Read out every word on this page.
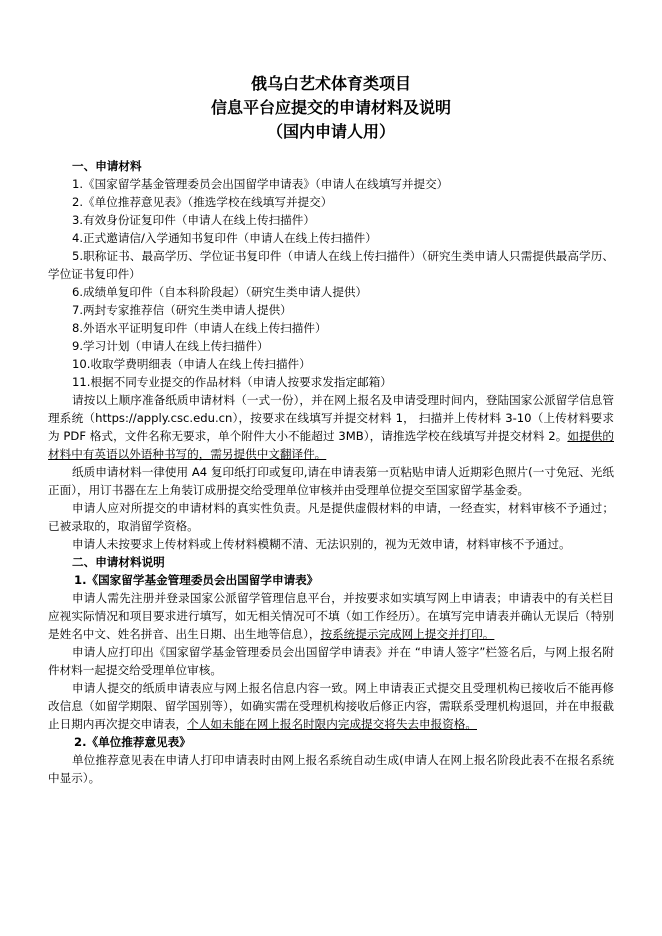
俄乌白艺术体育类项目
信息平台应提交的申请材料及说明
（国内申请人用）
一、申请材料
1.《国家留学基金管理委员会出国留学申请表》（申请人在线填写并提交）
2.《单位推荐意见表》（推选学校在线填写并提交）
3.有效身份证复印件（申请人在线上传扫描件）
4.正式邀请信/入学通知书复印件（申请人在线上传扫描件）
5.职称证书、最高学历、学位证书复印件（申请人在线上传扫描件）（研究生类申请人只需提供最高学历、学位证书复印件）
6.成绩单复印件（自本科阶段起）（研究生类申请人提供）
7.两封专家推荐信（研究生类申请人提供）
8.外语水平证明复印件（申请人在线上传扫描件）
9.学习计划（申请人在线上传扫描件）
10.收取学费明细表（申请人在线上传扫描件）
11.根据不同专业提交的作品材料（申请人按要求发指定邮箱）

请按以上顺序准备纸质申请材料（一式一份），并在网上报名及申请受理时间内，登陆国家公派留学信息管理系统（https://apply.csc.edu.cn），按要求在线填写并提交材料 1， 扫描并上传材料 3-10（上传材料要求为 PDF 格式，文件名称无要求，单个附件大小不能超过 3MB），请推选学校在线填写并提交材料 2。如提供的材料中有英语以外语种书写的，需另提供中文翻译件。

纸质申请材料一律使用 A4 复印纸打印或复印,请在申请表第一页粘贴申请人近期彩色照片(一寸免冠、光纸正面），用订书器在左上角装订成册提交给受理单位审核并由受理单位提交至国家留学基金委。

申请人应对所提交的申请材料的真实性负责。凡是提供虚假材料的申请，一经查实，材料审核不予通过；已被录取的，取消留学资格。

申请人未按要求上传材料或上传材料模糊不清、无法识别的，视为无效申请，材料审核不予通过。

二、申请材料说明
1.《国家留学基金管理委员会出国留学申请表》

申请人需先注册并登录国家公派留学管理信息平台，并按要求如实填写网上申请表；申请表中的有关栏目应视实际情况和项目要求进行填写，如无相关情况可不填（如工作经历）。在填写完申请表并确认无误后（特别是姓名中文、姓名拼音、出生日期、出生地等信息），按系统提示完成网上提交并打印。

申请人应打印出《国家留学基金管理委员会出国留学申请表》并在 “申请人签字”栏签名后，与网上报名附件材料一起提交给受理单位审核。

申请人提交的纸质申请表应与网上报名信息内容一致。网上申请表正式提交且受理机构已接收后不能再修改信息（如留学期限、留学国别等），如确实需在受理机构接收后修正内容，需联系受理机构退回，并在申报截止日期内再次提交申请表，个人如未能在网上报名时限内完成提交将失去申报资格。

2.《单位推荐意见表》

单位推荐意见表在申请人打印申请表时由网上报名系统自动生成(申请人在网上报名阶段此表不在报名系统中显示）。
